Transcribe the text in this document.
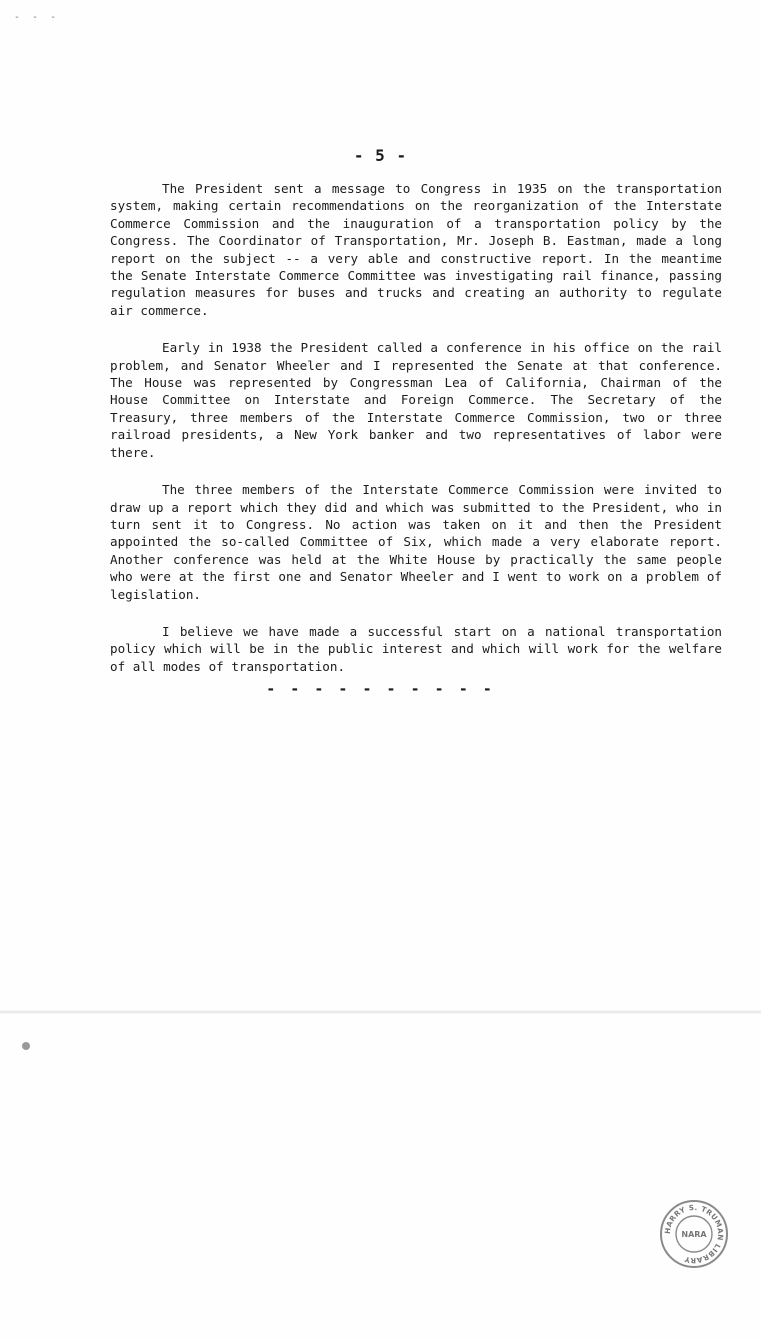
- - -
- 5 -

The President sent a message to Congress in 1935 on the transportation system, making certain recommendations on the reorganization of the Interstate Commerce Commission and the inauguration of a transportation policy by the Congress. The Coordinator of Transportation, Mr. Joseph B. Eastman, made a long report on the subject -- a very able and constructive report. In the meantime the Senate Interstate Commerce Committee was investigating rail finance, passing regulation measures for buses and trucks and creating an authority to regulate air commerce.

Early in 1938 the President called a conference in his office on the rail problem, and Senator Wheeler and I represented the Senate at that conference. The House was represented by Congressman Lea of California, Chairman of the House Committee on Interstate and Foreign Commerce. The Secretary of the Treasury, three members of the Interstate Commerce Commission, two or three railroad presidents, a New York banker and two representatives of labor were there.

The three members of the Interstate Commerce Commission were invited to draw up a report which they did and which was submitted to the President, who in turn sent it to Congress. No action was taken on it and then the President appointed the so-called Committee of Six, which made a very elaborate report. Another conference was held at the White House by practically the same people who were at the first one and Senator Wheeler and I went to work on a problem of legislation.

I believe we have made a successful start on a national transportation policy which will be in the public interest and which will work for the welfare of all modes of transportation.

- - - - - - - - - -
HARRY S. TRUMAN LIBRARY
NARA
